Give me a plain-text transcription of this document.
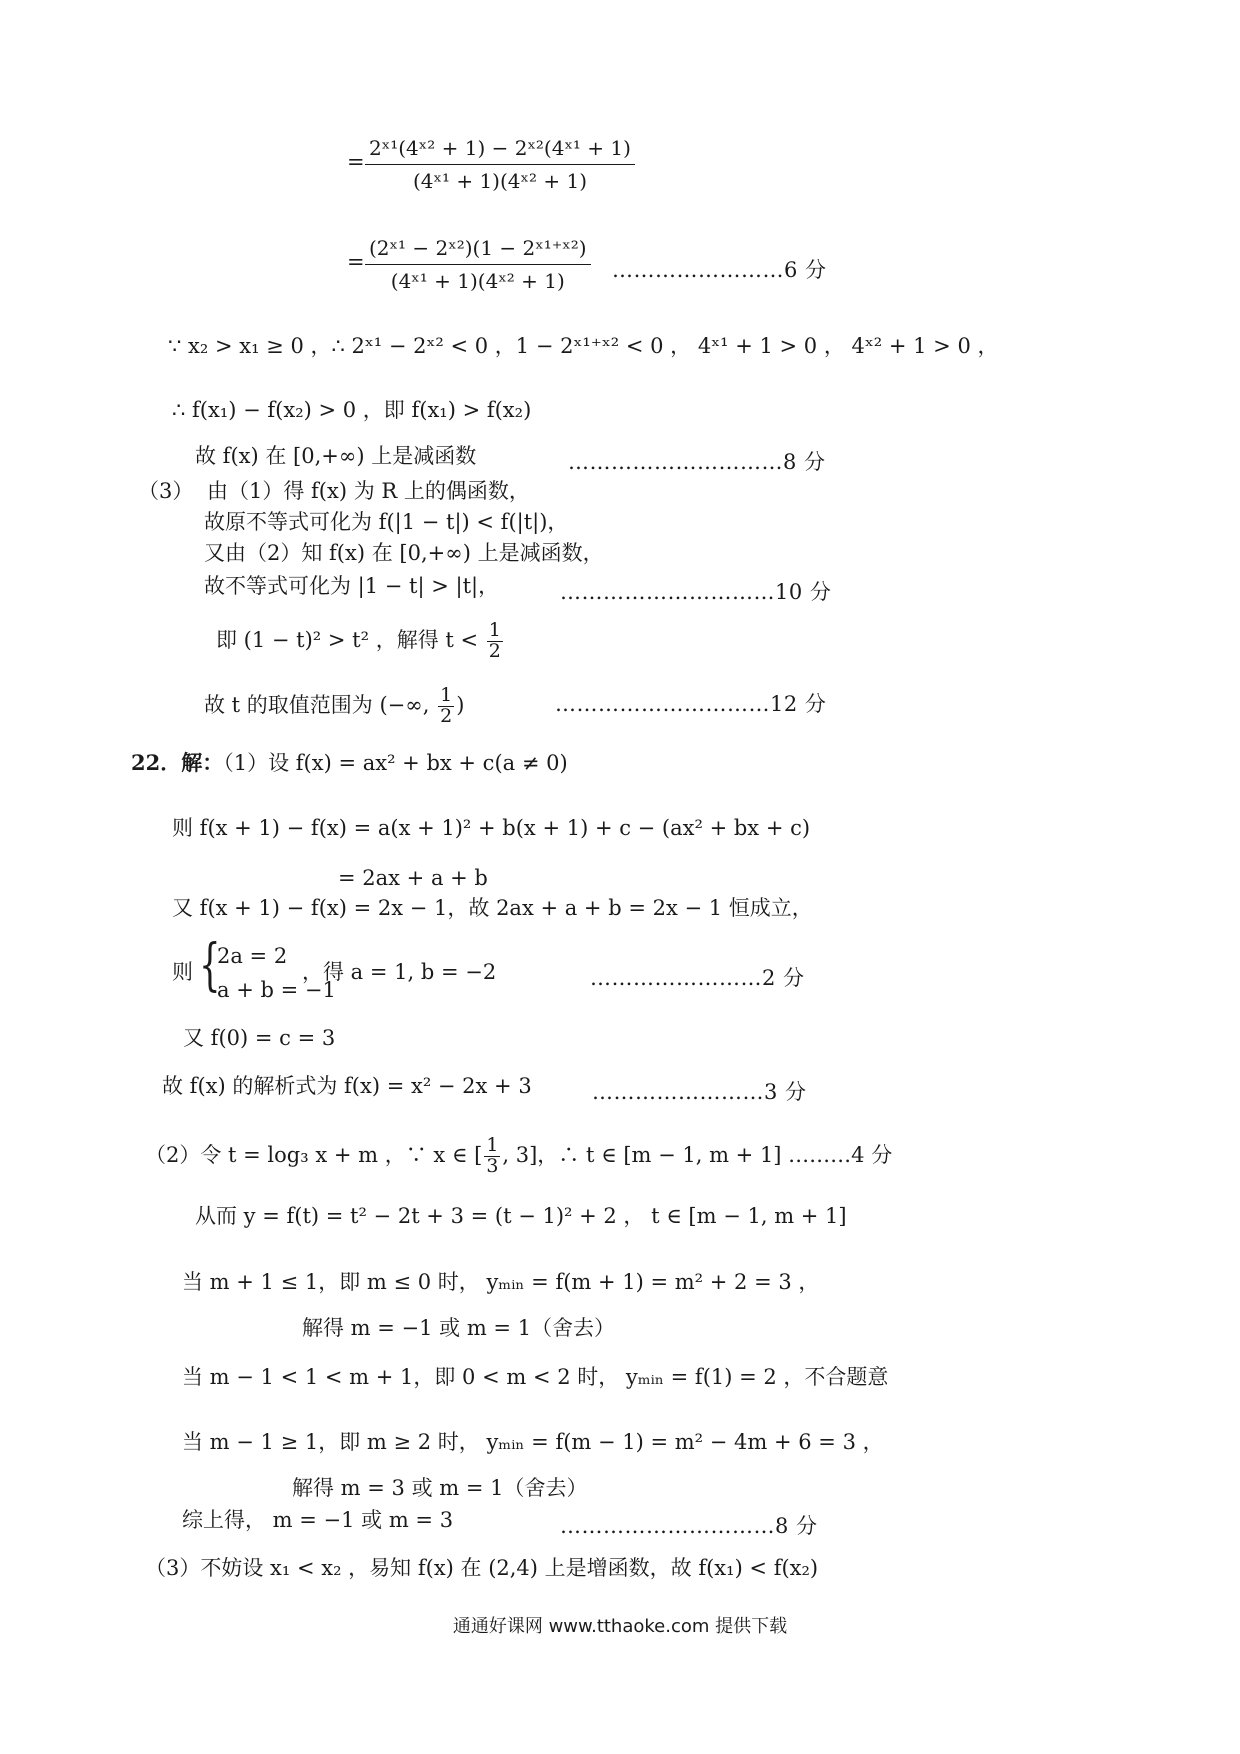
=
2ˣ¹(4ˣ² + 1) − 2ˣ²(4ˣ¹ + 1)
(4ˣ¹ + 1)(4ˣ² + 1)
=
(2ˣ¹ − 2ˣ²)(1 − 2ˣ¹⁺ˣ²)
(4ˣ¹ + 1)(4ˣ² + 1)	……………………6 分
∵ x₂ > x₁ ≥ 0 ，∴ 2ˣ¹ − 2ˣ² < 0 ，1 − 2ˣ¹⁺ˣ² < 0 ， 4ˣ¹ + 1 > 0 ， 4ˣ² + 1 > 0 ，
∴ f(x₁) − f(x₂) > 0 ，即 f(x₁) > f(x₂)
故 f(x) 在 [0,+∞) 上是减函数	…………………………8 分
（3） 由（1）得 f(x) 为 R 上的偶函数，
故原不等式可化为 f(|1 − t|) < f(|t|)，
又由（2）知 f(x) 在 [0,+∞) 上是减函数，
故不等式可化为 |1 − t| > |t|，	…………………………10 分
即 (1 − t)² > t² ，解得 $t < \frac{1}{2}$
故 t 的取值范围为 (−∞, $\frac{1}{2}$ )	…………………………12 分
22．解：（1）设 f(x) = ax² + bx + c(a ≠ 0)
则 f(x + 1) − f(x) = a(x + 1)² + b(x + 1) + c − (ax² + bx + c)
= 2ax + a + b
又 f(x + 1) − f(x) = 2x − 1，故 2ax + a + b = 2x − 1 恒成立，
则 {
2a = 2
a + b = −1
，得 a = 1, b = −2	……………………2 分
又 f(0) = c = 3
故 f(x) 的解析式为 f(x) = x² − 2x + 3	……………………3 分
（2）令 t = log₃ x + m ，∵ x ∈ [ $\frac{1}{3}$ , 3]，∴ t ∈ [m − 1, m + 1] ………4 分
从而 y = f(t) = t² − 2t + 3 = (t − 1)² + 2 ， t ∈ [m − 1, m + 1]
当 m + 1 ≤ 1，即 m ≤ 0 时， yₘᵢₙ = f(m + 1) = m² + 2 = 3 ，
解得 m = −1 或 m = 1（舍去）
当 m − 1 < 1 < m + 1，即 0 < m < 2 时， yₘᵢₙ = f(1) = 2 ，不合题意
当 m − 1 ≥ 1，即 m ≥ 2 时， yₘᵢₙ = f(m − 1) = m² − 4m + 6 = 3 ，
解得 m = 3 或 m = 1（舍去）
综上得， m = −1 或 m = 3	…………………………8 分
（3）不妨设 x₁ < x₂ ，易知 f(x) 在 (2,4) 上是增函数，故 f(x₁) < f(x₂)
通通好课网 www.tthaoke.com 提供下载
